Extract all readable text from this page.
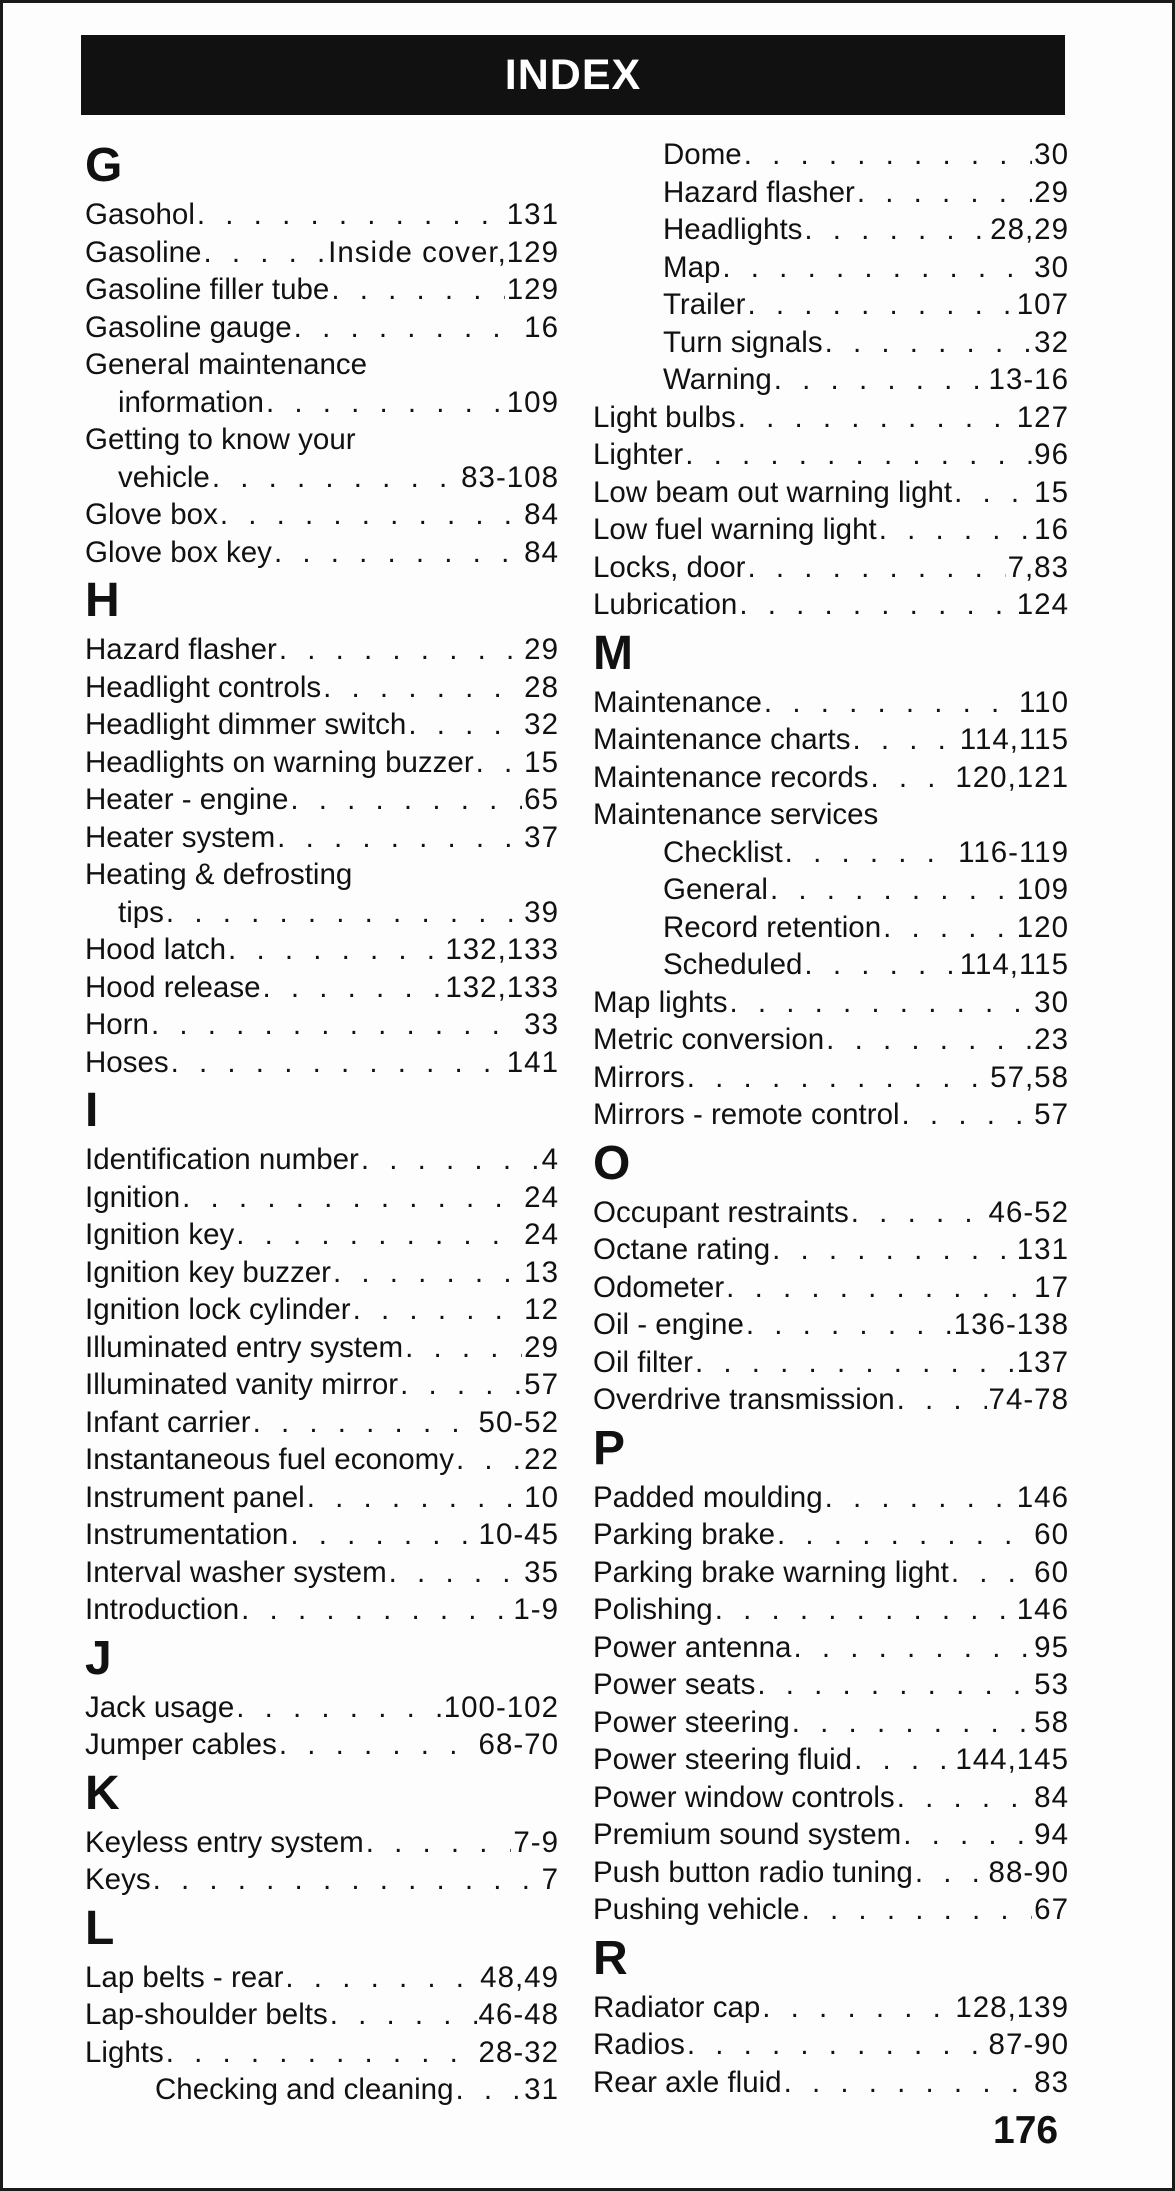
INDEX
G
Gasohol . . .	131
Gasoline . . .	Inside cover,129
Gasoline filler tube . . .	129
Gasoline gauge . . .	16
General maintenance
information . . .	109
Getting to know your
vehicle . . .	83-108
Glove box . . .	84
Glove box key . . .	84
H
Hazard flasher . . .	29
Headlight controls . . .	28
Headlight dimmer switch . . .	32
Headlights on warning buzzer . . . 15
Heater - engine . . .	65
Heater system . . .	37
Heating & defrosting
tips . . .	39
Hood latch . . .	132,133
Hood release . . .	132,133
Horn . . .	33
Hoses . . .	141
I
Identification number . . .	4
Ignition . . .	24
Ignition key . . .	24
Ignition key buzzer . . .	13
Ignition lock cylinder . . .	12
Illuminated entry system . . .	29
Illuminated vanity mirror . . .	57
Infant carrier . . .	50-52
Instantaneous fuel economy . . . 22
Instrument panel . . .	10
Instrumentation . . .	10-45
Interval washer system . . .	35
Introduction . . .	1-9
J
Jack usage . . .	100-102
Jumper cables . . .	68-70
K
Keyless entry system . . .	7-9
Keys . . .	7
L
Lap belts - rear . . .	48,49
Lap-shoulder belts . . .	46-48
Lights . . .	28-32
Checking and cleaning . . . 31
Dome . . .	30
Hazard flasher . . .	29
Headlights . . .	28,29
Map . . .	30
Trailer . . .	107
Turn signals . . .	32
Warning . . .	13-16
Light bulbs . . .	127
Lighter . . .	96
Low beam out warning light . . .	15
Low fuel warning light . . .	16
Locks, door . . .	7,83
Lubrication . . .	124
M
Maintenance . . .	110
Maintenance charts . . .	114,115
Maintenance records . . .	120,121
Maintenance services
Checklist . . .	116-119
General . . .	109
Record retention . . .	120
Scheduled . . .	114,115
Map lights . . .	30
Metric conversion . . .	23
Mirrors . . .	57,58
Mirrors - remote control . . .	57
O
Occupant restraints . . .	46-52
Octane rating . . .	131
Odometer . . .	17
Oil - engine . . .	136-138
Oil filter . . .	137
Overdrive transmission . . .	74-78
P
Padded moulding . . .	146
Parking brake . . .	60
Parking brake warning light . . .	60
Polishing . . .	146
Power antenna . . .	95
Power seats . . .	53
Power steering . . .	58
Power steering fluid . . .	144,145
Power window controls . . .	84
Premium sound system . . .	94
Push button radio tuning . . .	88-90
Pushing vehicle . . .	67
R
Radiator cap . . .	128,139
Radios . . .	87-90
Rear axle fluid . . .	83
176
